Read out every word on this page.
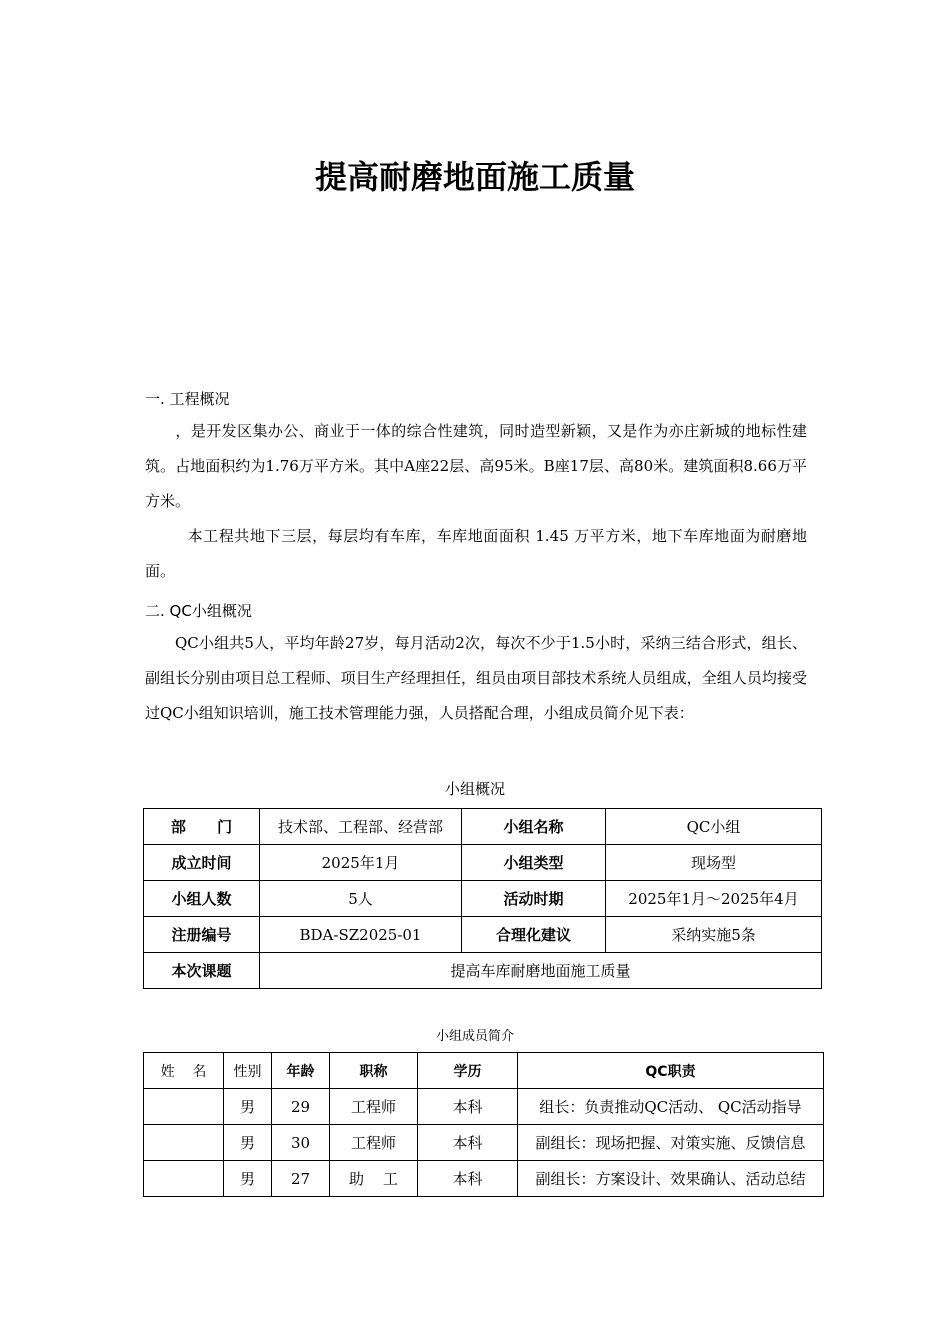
提高耐磨地面施工质量
一. 工程概况
，是开发区集办公、商业于一体的综合性建筑，同时造型新颖，又是作为亦庄新城的地标性建筑。占地面积约为1.76万平方米。其中A座22层、高95米。B座17层、高80米。建筑面积8.66万平方米。
本工程共地下三层，每层均有车库，车库地面面积 1.45 万平方米，地下车库地面为耐磨地面。
二. QC小组概况
QC小组共5人，平均年龄27岁，每月活动2次，每次不少于1.5小时，采纳三结合形式，组长、副组长分别由项目总工程师、项目生产经理担任，组员由项目部技术系统人员组成，全组人员均接受过QC小组知识培训，施工技术管理能力强，人员搭配合理，小组成员简介见下表：
小组概况
部      门	技术部、工程部、经营部	小组名称	QC小组
成立时间	2025年1月	小组类型	现场型
小组人数	5人	活动时期	2025年1月～2025年4月
注册编号	BDA-SZ2025-01	合理化建议	采纳实施5条
本次课题	提高车库耐磨地面施工质量		
小组成员简介
姓    名	性别	年龄	职称	学历	QC职责
	男	29	工程师	本科	组长：负责推动QC活动、 QC活动指导
	男	30	工程师	本科	副组长：现场把握、对策实施、反馈信息
	男	27	助    工	本科	副组长：方案设计、效果确认、活动总结
